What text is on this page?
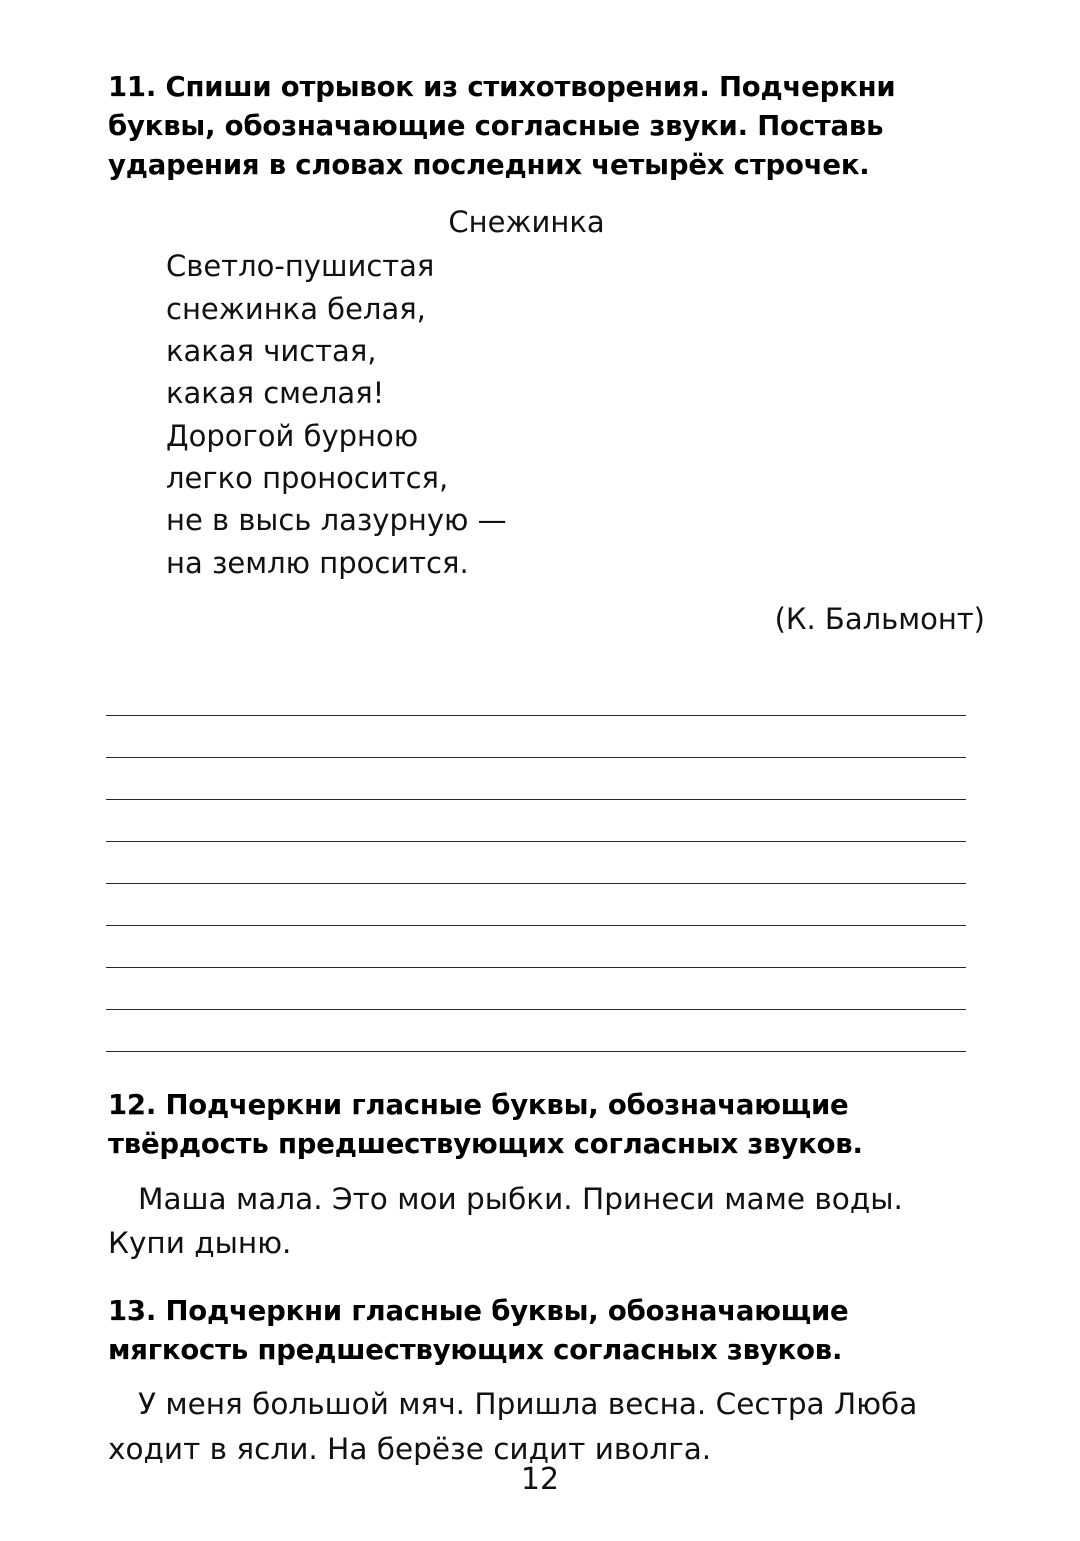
11. Спиши отрывок из стихотворения. Подчеркни буквы, обозначающие согласные звуки. Поставь ударения в словах последних четырёх строчек.

Снежинка
Светло-пушистая
снежинка белая,
какая чистая,
какая смелая!
Дорогой бурною
легко проносится,
не в высь лазурную —
на землю просится.
(К. Бальмонт)

12. Подчеркни гласные буквы, обозначающие твёрдость предшествующих согласных звуков.

Маша мала. Это мои рыбки. Принеси маме воды. Купи дыню.

13. Подчеркни гласные буквы, обозначающие мягкость предшествующих согласных звуков.

У меня большой мяч. Пришла весна. Сестра Люба ходит в ясли. На берёзе сидит иволга.

12
